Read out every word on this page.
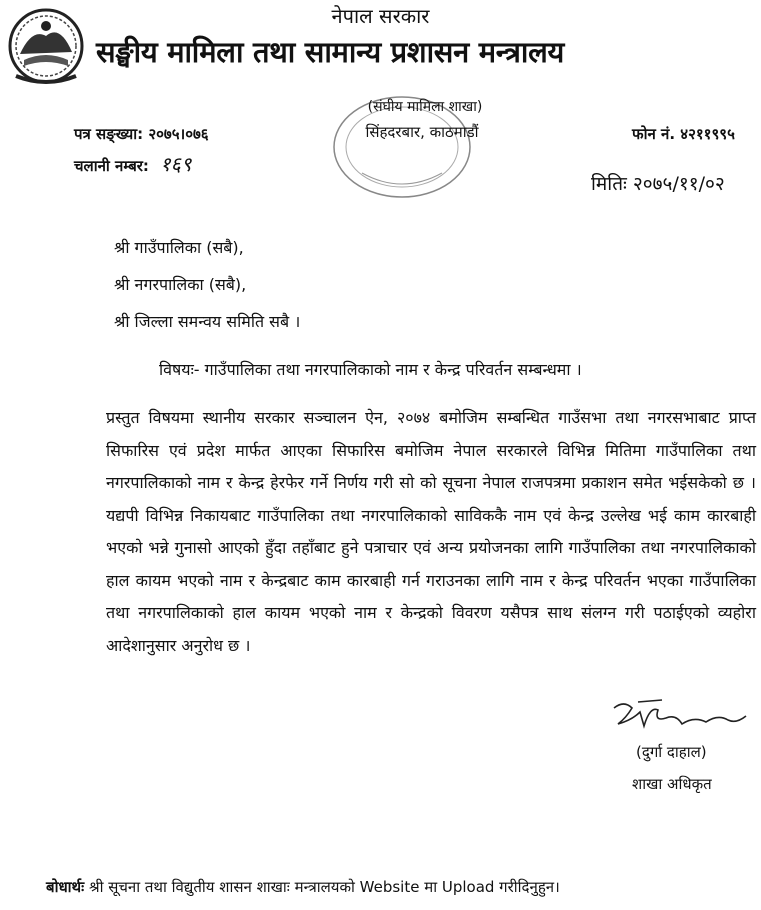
नेपाल सरकार
सङ्घीय मामिला तथा सामान्य प्रशासन मन्त्रालय
(संघीय मामिला शाखा)
सिंहदरबार, काठमाडौं
पत्र सङ्ख्या: २०७५।०७६
चलानी नम्बर: १६९
फोन नं. ४२११९९५
मितिः २०७५/११/०२
श्री गाउँपालिका (सबै),
श्री नगरपालिका (सबै),
श्री जिल्ला समन्वय समिति सबै ।
विषयः- गाउँपालिका तथा नगरपालिकाको नाम र केन्द्र परिवर्तन सम्बन्धमा ।
प्रस्तुत विषयमा स्थानीय सरकार सञ्चालन ऐन, २०७४ बमोजिम सम्बन्धित गाउँसभा तथा नगरसभाबाट प्राप्त सिफारिस एवं प्रदेश मार्फत आएका सिफारिस बमोजिम नेपाल सरकारले विभिन्न मितिमा गाउँपालिका तथा नगरपालिकाको नाम र केन्द्र हेरफेर गर्ने निर्णय गरी सो को सूचना नेपाल राजपत्रमा प्रकाशन समेत भईसकेको छ । यद्यपी विभिन्न निकायबाट गाउँपालिका तथा नगरपालिकाको साविककै नाम एवं केन्द्र उल्लेख भई काम कारबाही भएको भन्ने गुनासो आएको हुँदा तहाँबाट हुने पत्राचार एवं अन्य प्रयोजनका लागि गाउँपालिका तथा नगरपालिकाको हाल कायम भएको नाम र केन्द्रबाट काम कारबाही गर्न गराउनका लागि नाम र केन्द्र परिवर्तन भएका गाउँपालिका तथा नगरपालिकाको हाल कायम भएको नाम र केन्द्रको विवरण यसैपत्र साथ संलग्न गरी पठाईएको व्यहोरा आदेशानुसार अनुरोध छ ।
(दुर्गा दाहाल)
शाखा अधिकृत
बोधार्थः श्री सूचना तथा विद्युतीय शासन शाखाः मन्त्रालयको Website मा Upload गरीदिनुहुन।
